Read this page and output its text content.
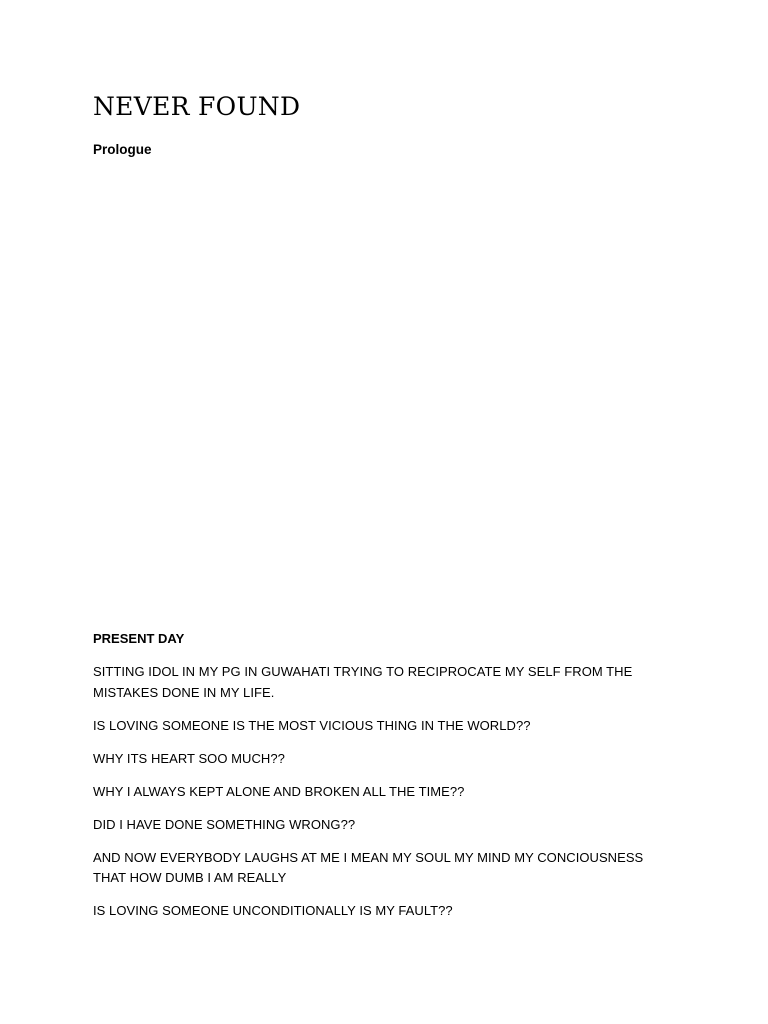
NEVER FOUND

Prologue

PRESENT DAY

SITTING IDOL IN MY PG IN GUWAHATI TRYING TO RECIPROCATE MY SELF FROM THE MISTAKES DONE IN MY LIFE.

IS LOVING SOMEONE IS THE MOST VICIOUS THING IN THE WORLD??

WHY ITS HEART SOO MUCH??

WHY I ALWAYS KEPT ALONE AND BROKEN ALL THE TIME??

DID I HAVE DONE SOMETHING WRONG??

AND NOW EVERYBODY LAUGHS AT ME I MEAN MY SOUL MY MIND MY CONCIOUSNESS THAT HOW DUMB I AM REALLY

IS LOVING SOMEONE UNCONDITIONALLY IS MY FAULT??
